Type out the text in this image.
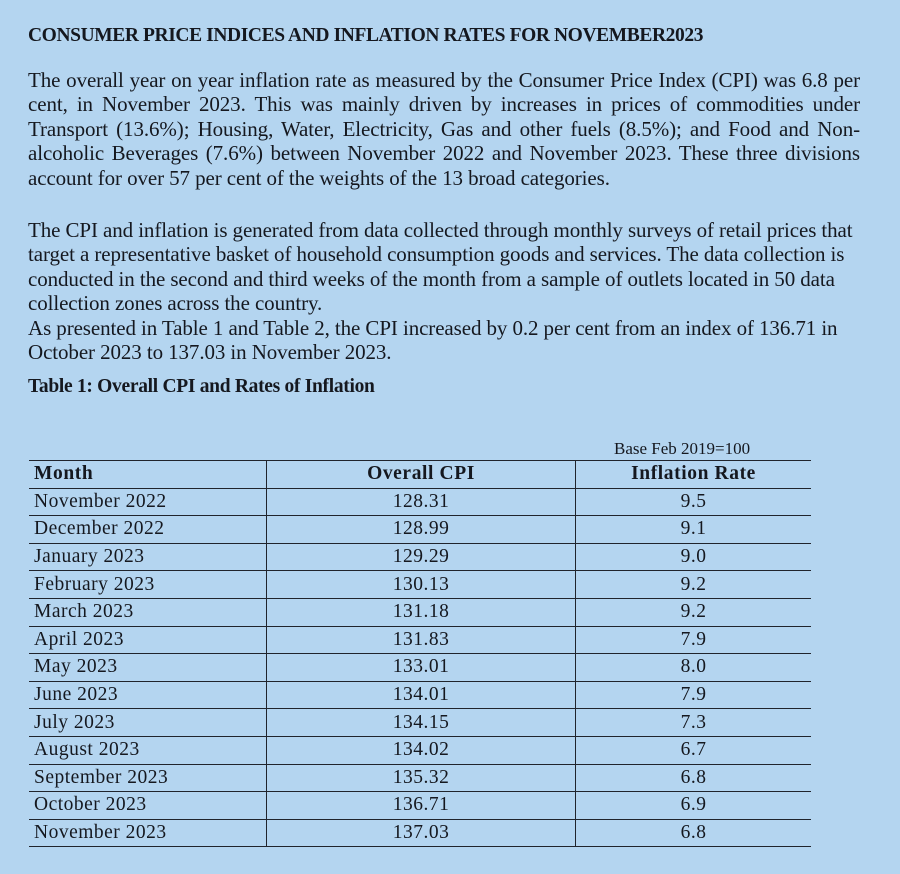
CONSUMER PRICE INDICES AND INFLATION RATES FOR NOVEMBER2023

The overall year on year inflation rate as measured by the Consumer Price Index (CPI) was 6.8 per cent, in November 2023. This was mainly driven by increases in prices of commodities under Transport (13.6%); Housing, Water, Electricity, Gas and other fuels (8.5%); and Food and Non-alcoholic Beverages (7.6%) between November 2022 and November 2023. These three divisions account for over 57 per cent of the weights of the 13 broad categories.

The CPI and inflation is generated from data collected through monthly surveys of retail prices that target a representative basket of household consumption goods and services. The data collection is conducted in the second and third weeks of the month from a sample of outlets located in 50 data collection zones across the country.

As presented in Table 1 and Table 2, the CPI increased by 0.2 per cent from an index of 136.71 in October 2023 to 137.03 in November 2023.

Table 1: Overall CPI and Rates of Inflation
Base Feb 2019=100
Month	Overall CPI	Inflation Rate
November 2022	128.31	9.5
December 2022	128.99	9.1
January 2023	129.29	9.0
February 2023	130.13	9.2
March 2023	131.18	9.2
April 2023	131.83	7.9
May 2023	133.01	8.0
June 2023	134.01	7.9
July 2023	134.15	7.3
August 2023	134.02	6.7
September 2023	135.32	6.8
October 2023	136.71	6.9
November 2023	137.03	6.8
